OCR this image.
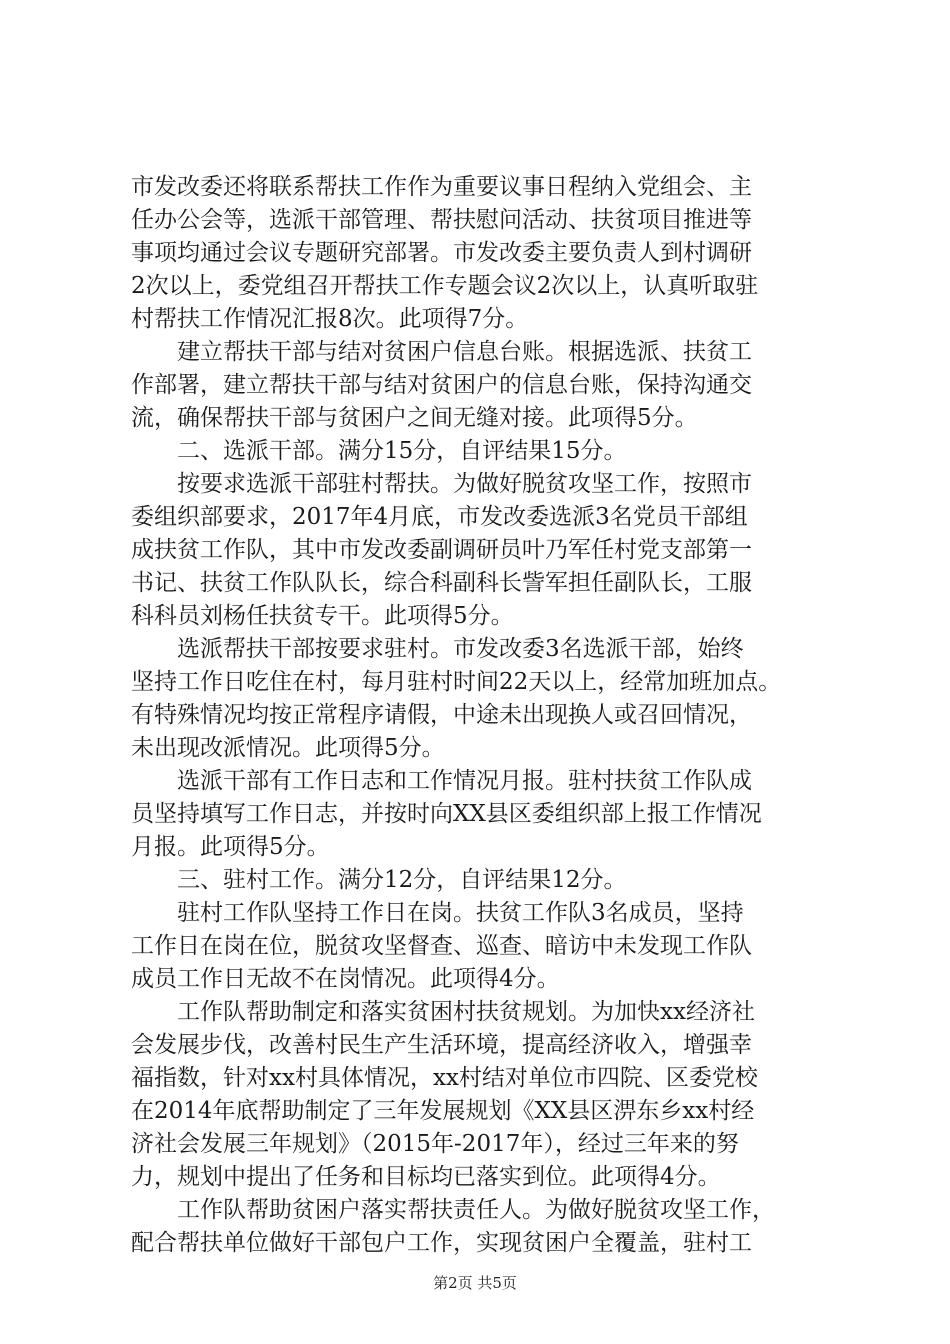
市发改委还将联系帮扶工作作为重要议事日程纳入党组会、主
任办公会等，选派干部管理、帮扶慰问活动、扶贫项目推进等
事项均通过会议专题研究部署。市发改委主要负责人到村调研
2次以上，委党组召开帮扶工作专题会议2次以上，认真听取驻
村帮扶工作情况汇报8次。此项得7分。
　　建立帮扶干部与结对贫困户信息台账。根据选派、扶贫工
作部署，建立帮扶干部与结对贫困户的信息台账，保持沟通交
流，确保帮扶干部与贫困户之间无缝对接。此项得5分。
　　二、选派干部。满分15分，自评结果15分。
　　按要求选派干部驻村帮扶。为做好脱贫攻坚工作，按照市
委组织部要求，2017年4月底，市发改委选派3名党员干部组
成扶贫工作队，其中市发改委副调研员叶乃军任村党支部第一
书记、扶贫工作队队长，综合科副科长訾军担任副队长，工服
科科员刘杨任扶贫专干。此项得5分。
　　选派帮扶干部按要求驻村。市发改委3名选派干部，始终
坚持工作日吃住在村，每月驻村时间22天以上，经常加班加点。
有特殊情况均按正常程序请假，中途未出现换人或召回情况，
未出现改派情况。此项得5分。
　　选派干部有工作日志和工作情况月报。驻村扶贫工作队成
员坚持填写工作日志，并按时向XX县区委组织部上报工作情况
月报。此项得5分。
　　三、驻村工作。满分12分，自评结果12分。
　　驻村工作队坚持工作日在岗。扶贫工作队3名成员，坚持
工作日在岗在位，脱贫攻坚督查、巡查、暗访中未发现工作队
成员工作日无故不在岗情况。此项得4分。
　　工作队帮助制定和落实贫困村扶贫规划。为加快xx经济社
会发展步伐，改善村民生产生活环境，提高经济收入，增强幸
福指数，针对xx村具体情况，xx村结对单位市四院、区委党校
在2014年底帮助制定了三年发展规划《XX县区淠东乡xx村经
济社会发展三年规划》（2015年-2017年），经过三年来的努
力，规划中提出了任务和目标均已落实到位。此项得4分。
　　工作队帮助贫困户落实帮扶责任人。为做好脱贫攻坚工作，
配合帮扶单位做好干部包户工作，实现贫困户全覆盖，驻村工
第2页 共5页
